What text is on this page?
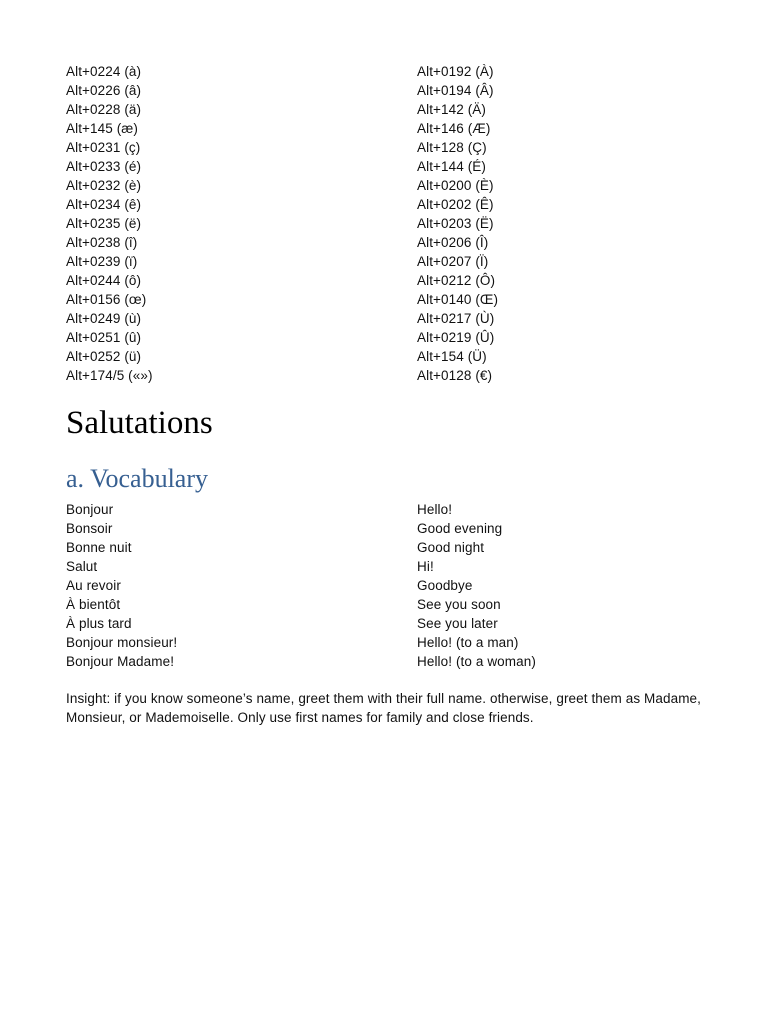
Alt+0224 (à)	Alt+0192 (À)
Alt+0226 (â)	Alt+0194 (Â)
Alt+0228 (ä)	Alt+142 (Ä)
Alt+145 (æ)	Alt+146 (Æ)
Alt+0231 (ç)	Alt+128 (Ç)
Alt+0233 (é)	Alt+144 (É)
Alt+0232 (è)	Alt+0200 (È)
Alt+0234 (ê)	Alt+0202 (Ê)
Alt+0235 (ë)	Alt+0203 (Ë)
Alt+0238 (î)	Alt+0206 (Î)
Alt+0239 (ï)	Alt+0207 (Ï)
Alt+0244 (ô)	Alt+0212 (Ô)
Alt+0156 (œ)	Alt+0140 (Œ)
Alt+0249 (ù)	Alt+0217 (Ù)
Alt+0251 (û)	Alt+0219 (Û)
Alt+0252 (ü)	Alt+154 (Ü)
Alt+174/5 («»)	Alt+0128 (€)
Salutations
a. Vocabulary
Bonjour	Hello!
Bonsoir	Good evening
Bonne nuit	Good night
Salut	Hi!
Au revoir	Goodbye
À bientôt	See you soon
À plus tard	See you later
Bonjour monsieur!	Hello! (to a man)
Bonjour Madame!	Hello! (to a woman)

Insight: if you know someone’s name, greet them with their full name. otherwise, greet them as Madame, Monsieur, or Mademoiselle. Only use first names for family and close friends.
